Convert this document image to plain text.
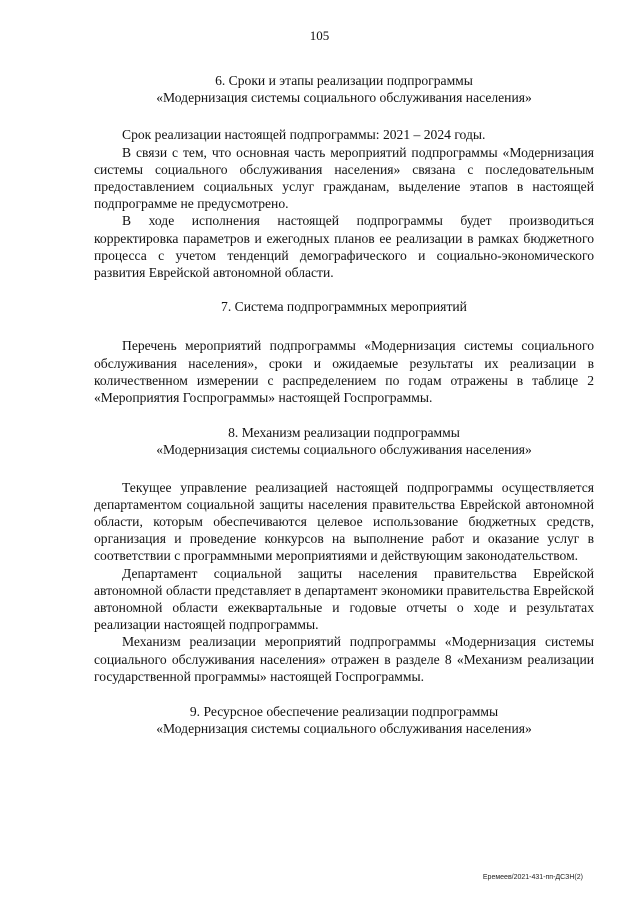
105
6. Сроки и этапы реализации подпрограммы
«Модернизация системы социального обслуживания населения»

Срок реализации настоящей подпрограммы: 2021 – 2024 годы.

В связи с тем, что основная часть мероприятий подпрограммы «Модернизация системы социального обслуживания населения» связана с последовательным предоставлением социальных услуг гражданам, выделение этапов в настоящей подпрограмме не предусмотрено.

В ходе исполнения настоящей подпрограммы будет производиться корректировка параметров и ежегодных планов ее реализации в рамках бюджетного процесса с учетом тенденций демографического и социально-экономического развития Еврейской автономной области.

7. Система подпрограммных мероприятий

Перечень мероприятий подпрограммы «Модернизация системы социального обслуживания населения», сроки и ожидаемые результаты их реализации в количественном измерении с распределением по годам отражены в таблице 2 «Мероприятия Госпрограммы» настоящей Госпрограммы.

8. Механизм реализации подпрограммы
«Модернизация системы социального обслуживания населения»

Текущее управление реализацией настоящей подпрограммы осуществляется департаментом социальной защиты населения правительства Еврейской автономной области, которым обеспечиваются целевое использование бюджетных средств, организация и проведение конкурсов на выполнение работ и оказание услуг в соответствии с программными мероприятиями и действующим законодательством.

Департамент социальной защиты населения правительства Еврейской автономной области представляет в департамент экономики правительства Еврейской автономной области ежеквартальные и годовые отчеты о ходе и результатах реализации настоящей подпрограммы.

Механизм реализации мероприятий подпрограммы «Модернизация системы социального обслуживания населения» отражен в разделе 8 «Механизм реализации государственной программы» настоящей Госпрограммы.

9. Ресурсное обеспечение реализации подпрограммы
«Модернизация системы социального обслуживания населения»
Еремеев/2021-431-пп-ДСЗН(2)
